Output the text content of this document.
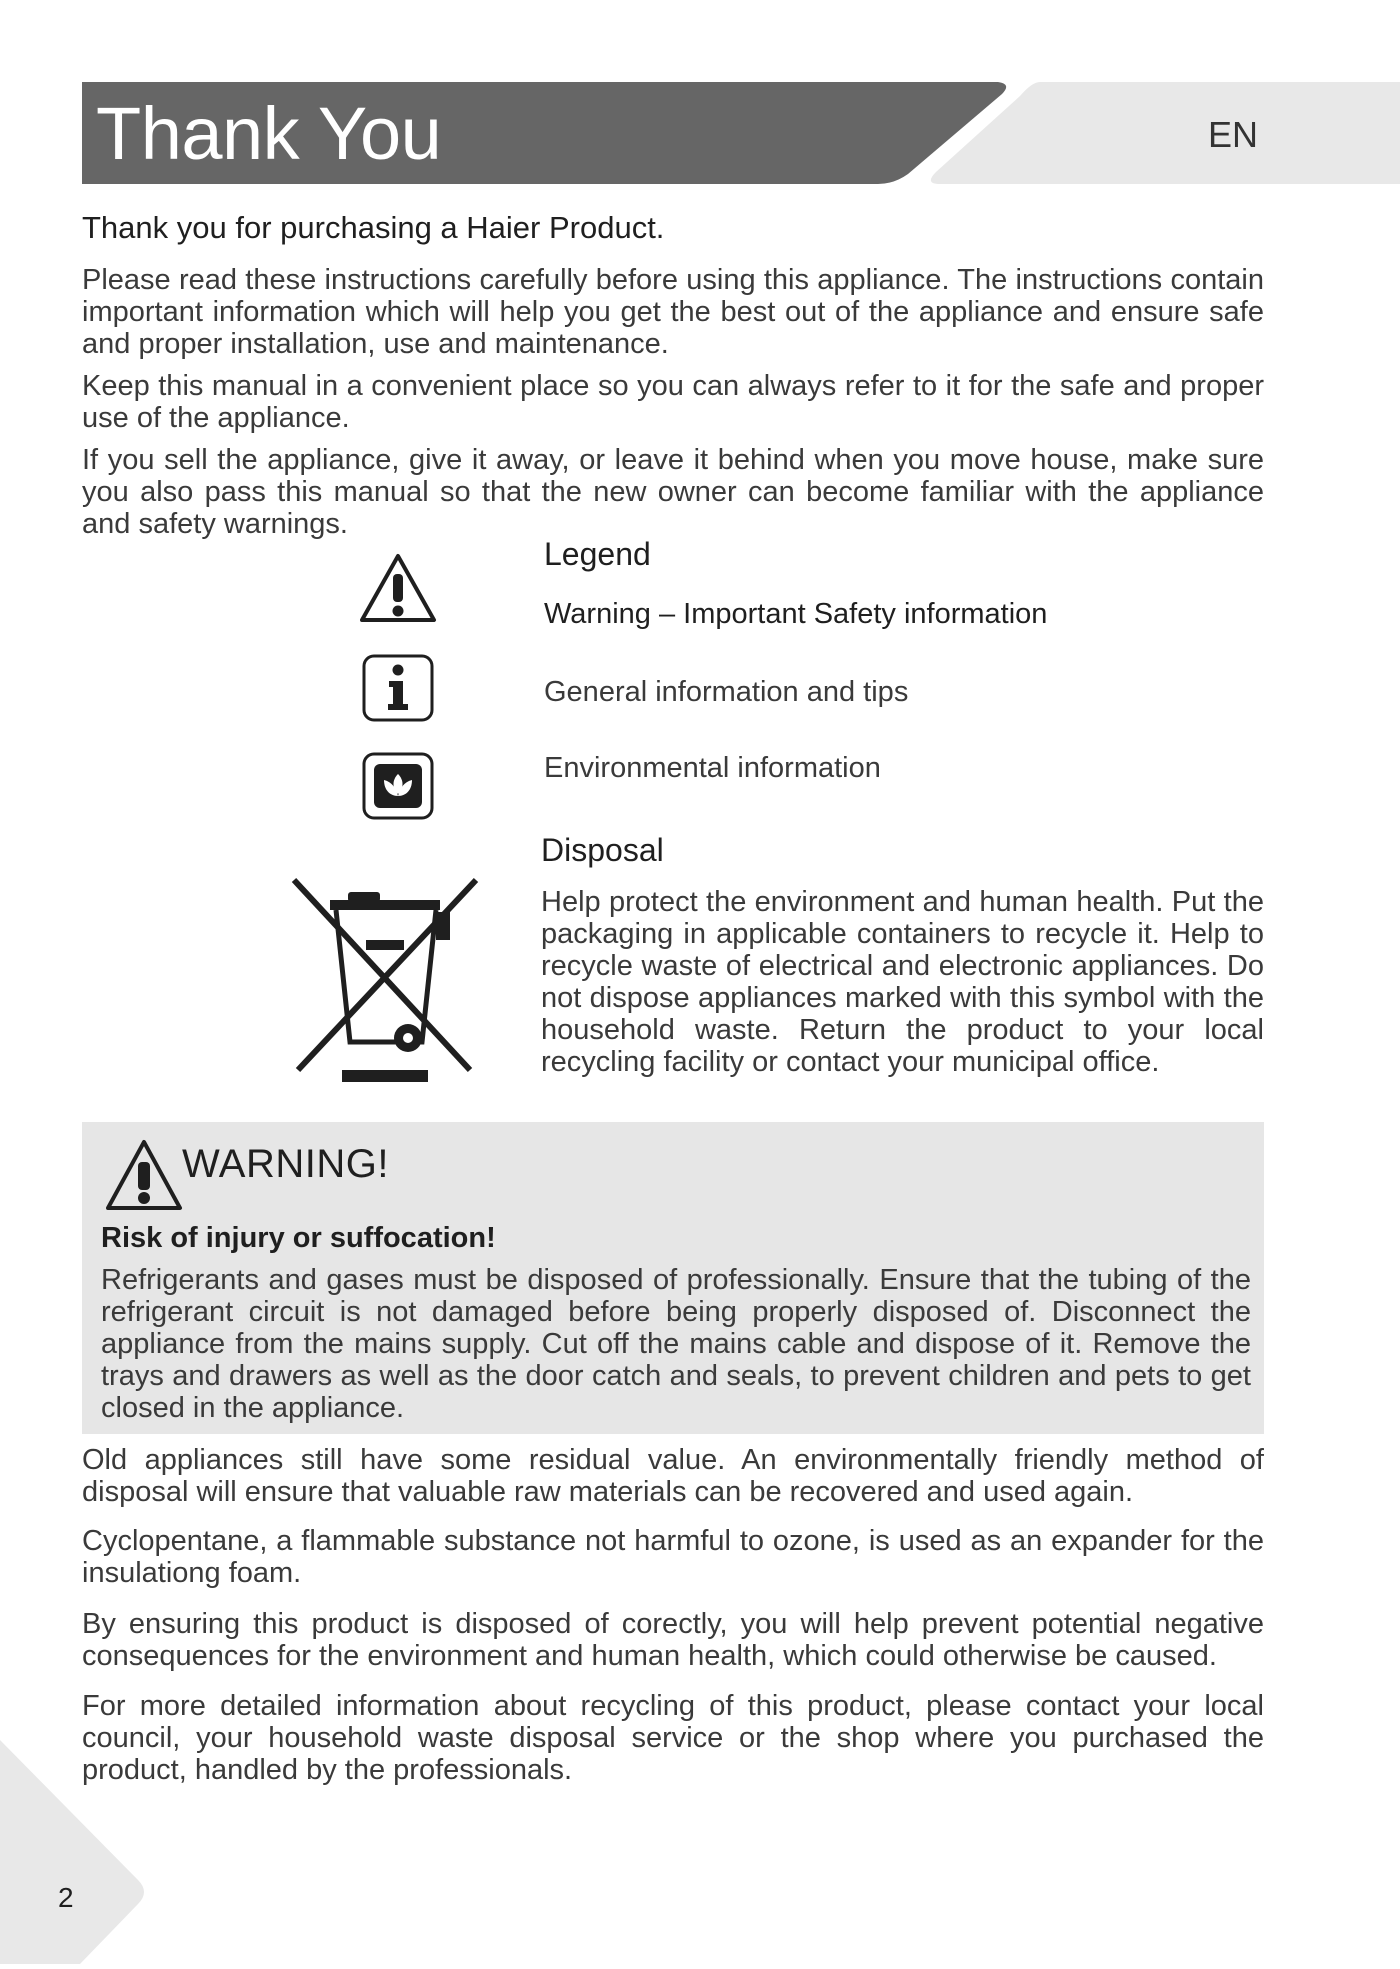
Thank You	EN
Thank you for purchasing a Haier Product.
Please read these instructions carefully before using this appliance. The instructions contain important information which will help you get the best out of the appliance and ensure safe and proper installation, use and maintenance.
Keep this manual in a convenient place so you can always refer to it for the safe and proper use of the appliance.
If you sell the appliance, give it away, or leave it behind when you move house, make sure you also pass this manual so that the new owner can become familiar with the appliance and safety warnings.
Legend
Warning – Important Safety information
General information and tips
Environmental information
Disposal
Help protect the environment and human health. Put the packaging in applicable containers to recycle it. Help to recycle waste of electrical and electronic appliances. Do not dispose appliances marked with this symbol with the household waste. Return the product to your local recycling facility or contact your municipal office.
WARNING!
Risk of injury or suffocation!
Refrigerants and gases must be disposed of professionally. Ensure that the tubing of the refrigerant circuit is not damaged before being properly disposed of. Disconnect the appliance from the mains supply. Cut off the mains cable and dispose of it. Remove the trays and drawers as well as the door catch and seals, to prevent children and pets to get closed in the appliance.
Old appliances still have some residual value. An environmentally friendly method of disposal will ensure that valuable raw materials can be recovered and used again.
Cyclopentane, a flammable substance not harmful to ozone, is used as an expander for the insulationg foam.
By ensuring this product is disposed of corectly, you will help prevent potential negative consequences for the environment and human health, which could otherwise be caused.
For more detailed information about recycling of this product, please contact your local council, your household waste disposal service or the shop where you purchased the product, handled by the professionals.
2
